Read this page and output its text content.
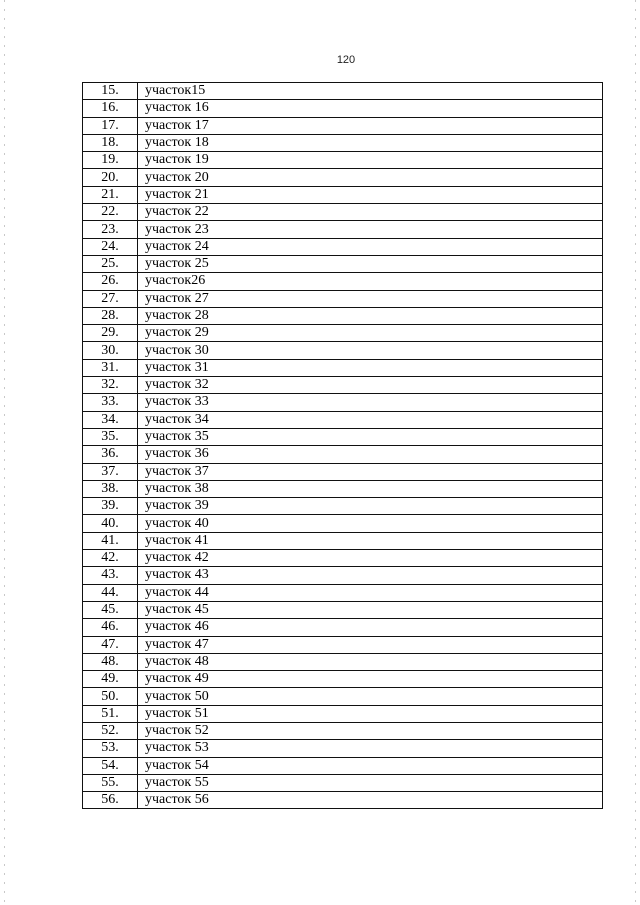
120
15.	участок15
16.	участок 16
17.	участок 17
18.	участок 18
19.	участок 19
20.	участок 20
21.	участок 21
22.	участок 22
23.	участок 23
24.	участок 24
25.	участок 25
26.	участок26
27.	участок 27
28.	участок 28
29.	участок 29
30.	участок 30
31.	участок 31
32.	участок 32
33.	участок 33
34.	участок 34
35.	участок 35
36.	участок 36
37.	участок 37
38.	участок 38
39.	участок 39
40.	участок 40
41.	участок 41
42.	участок 42
43.	участок 43
44.	участок 44
45.	участок 45
46.	участок 46
47.	участок 47
48.	участок 48
49.	участок 49
50.	участок 50
51.	участок 51
52.	участок 52
53.	участок 53
54.	участок 54
55.	участок 55
56.	участок 56
